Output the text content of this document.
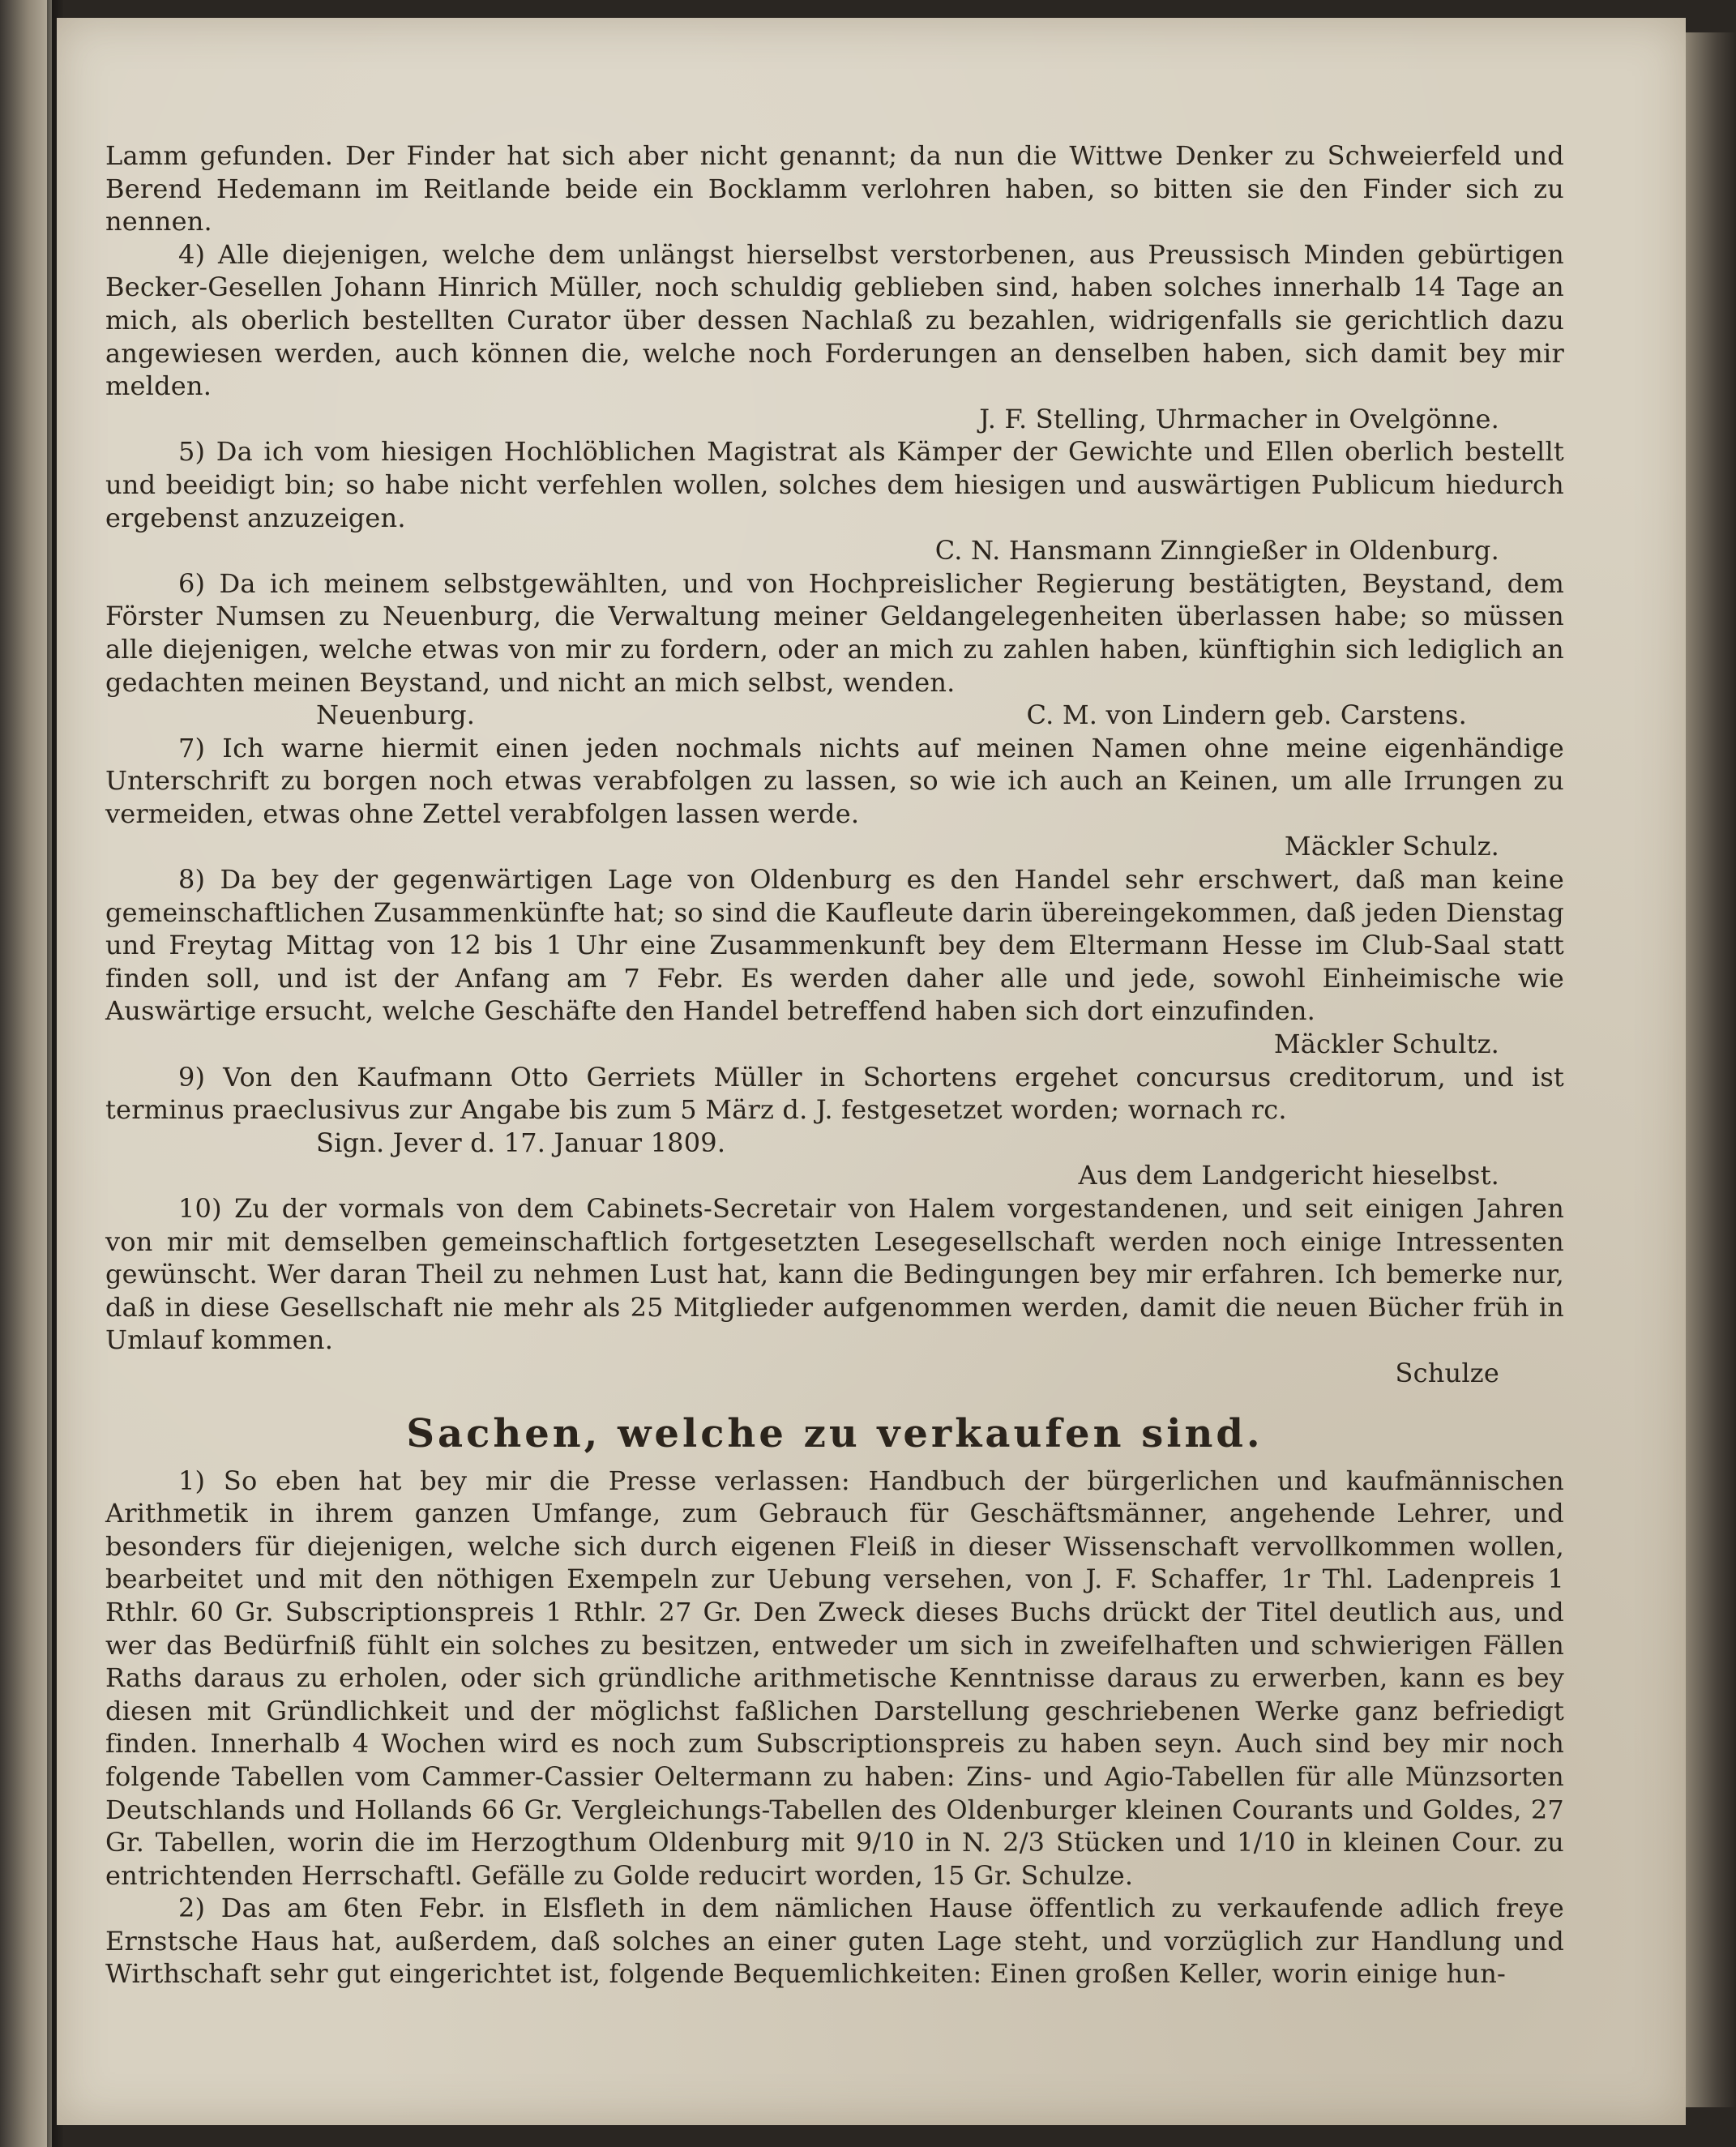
Lamm gefunden. Der Finder hat sich aber nicht genannt; da nun die Wittwe Denker zu Schweierfeld und Berend Hedemann im Reitlande beide ein Bocklamm verlohren haben, so bitten sie den Finder sich zu nennen.

4) Alle diejenigen, welche dem unlängst hierselbst verstorbenen, aus Preussisch Minden gebürtigen Becker-Gesellen Johann Hinrich Müller, noch schuldig geblieben sind, haben solches innerhalb 14 Tage an mich, als oberlich bestellten Curator über dessen Nachlaß zu bezahlen, widrigenfalls sie gerichtlich dazu angewiesen werden, auch können die, welche noch Forderungen an denselben haben, sich damit bey mir melden.

J. F. Stelling, Uhrmacher in Ovelgönne.

5) Da ich vom hiesigen Hochlöblichen Magistrat als Kämper der Gewichte und Ellen oberlich bestellt und beeidigt bin; so habe nicht verfehlen wollen, solches dem hiesigen und auswärtigen Publicum hiedurch ergebenst anzuzeigen.

C. N. Hansmann Zinngießer in Oldenburg.

6) Da ich meinem selbstgewählten, und von Hochpreislicher Regierung bestätigten, Beystand, dem Förster Numsen zu Neuenburg, die Verwaltung meiner Geldangelegenheiten überlassen habe; so müssen alle diejenigen, welche etwas von mir zu fordern, oder an mich zu zahlen haben, künftighin sich lediglich an gedachten meinen Beystand, und nicht an mich selbst, wenden.

Neuenburg.	C. M. von Lindern geb. Carstens.

7) Ich warne hiermit einen jeden nochmals nichts auf meinen Namen ohne meine eigenhändige Unterschrift zu borgen noch etwas verabfolgen zu lassen, so wie ich auch an Keinen, um alle Irrungen zu vermeiden, etwas ohne Zettel verabfolgen lassen werde.

Mäckler Schulz.

8) Da bey der gegenwärtigen Lage von Oldenburg es den Handel sehr erschwert, daß man keine gemeinschaftlichen Zusammenkünfte hat; so sind die Kaufleute darin übereingekommen, daß jeden Dienstag und Freytag Mittag von 12 bis 1 Uhr eine Zusammenkunft bey dem Eltermann Hesse im Club-Saal statt finden soll, und ist der Anfang am 7 Febr. Es werden daher alle und jede, sowohl Einheimische wie Auswärtige ersucht, welche Geschäfte den Handel betreffend haben sich dort einzufinden.

Mäckler Schultz.

9) Von den Kaufmann Otto Gerriets Müller in Schortens ergehet concursus creditorum, und ist terminus praeclusivus zur Angabe bis zum 5 März d. J. festgesetzet worden; wornach rc.

Sign. Jever d. 17. Januar 1809.

Aus dem Landgericht hieselbst.

10) Zu der vormals von dem Cabinets-Secretair von Halem vorgestandenen, und seit einigen Jahren von mir mit demselben gemeinschaftlich fortgesetzten Lesegesellschaft werden noch einige Intressenten gewünscht. Wer daran Theil zu nehmen Lust hat, kann die Bedingungen bey mir erfahren. Ich bemerke nur, daß in diese Gesellschaft nie mehr als 25 Mitglieder aufgenommen werden, damit die neuen Bücher früh in Umlauf kommen.

Schulze

Sachen, welche zu verkaufen sind.

1) So eben hat bey mir die Presse verlassen: Handbuch der bürgerlichen und kaufmännischen Arithmetik in ihrem ganzen Umfange, zum Gebrauch für Geschäftsmänner, angehende Lehrer, und besonders für diejenigen, welche sich durch eigenen Fleiß in dieser Wissenschaft vervollkommen wollen, bearbeitet und mit den nöthigen Exempeln zur Uebung versehen, von J. F. Schaffer, 1r Thl. Ladenpreis 1 Rthlr. 60 Gr. Subscriptionspreis 1 Rthlr. 27 Gr. Den Zweck dieses Buchs drückt der Titel deutlich aus, und wer das Bedürfniß fühlt ein solches zu besitzen, entweder um sich in zweifelhaften und schwierigen Fällen Raths daraus zu erholen, oder sich gründliche arithmetische Kenntnisse daraus zu erwerben, kann es bey diesen mit Gründlichkeit und der möglichst faßlichen Darstellung geschriebenen Werke ganz befriedigt finden. Innerhalb 4 Wochen wird es noch zum Subscriptionspreis zu haben seyn. Auch sind bey mir noch folgende Tabellen vom Cammer-Cassier Oeltermann zu haben: Zins- und Agio-Tabellen für alle Münzsorten Deutschlands und Hollands 66 Gr. Vergleichungs-Tabellen des Oldenburger kleinen Courants und Goldes, 27 Gr. Tabellen, worin die im Herzogthum Oldenburg mit 9/10 in N. 2/3 Stücken und 1/10 in kleinen Cour. zu entrichtenden Herrschaftl. Gefälle zu Golde reducirt worden, 15 Gr. Schulze.

2) Das am 6ten Febr. in Elsfleth in dem nämlichen Hause öffentlich zu verkaufende adlich freye Ernstsche Haus hat, außerdem, daß solches an einer guten Lage steht, und vorzüglich zur Handlung und Wirthschaft sehr gut eingerichtet ist, folgende Bequemlichkeiten: Einen großen Keller, worin einige hun-
